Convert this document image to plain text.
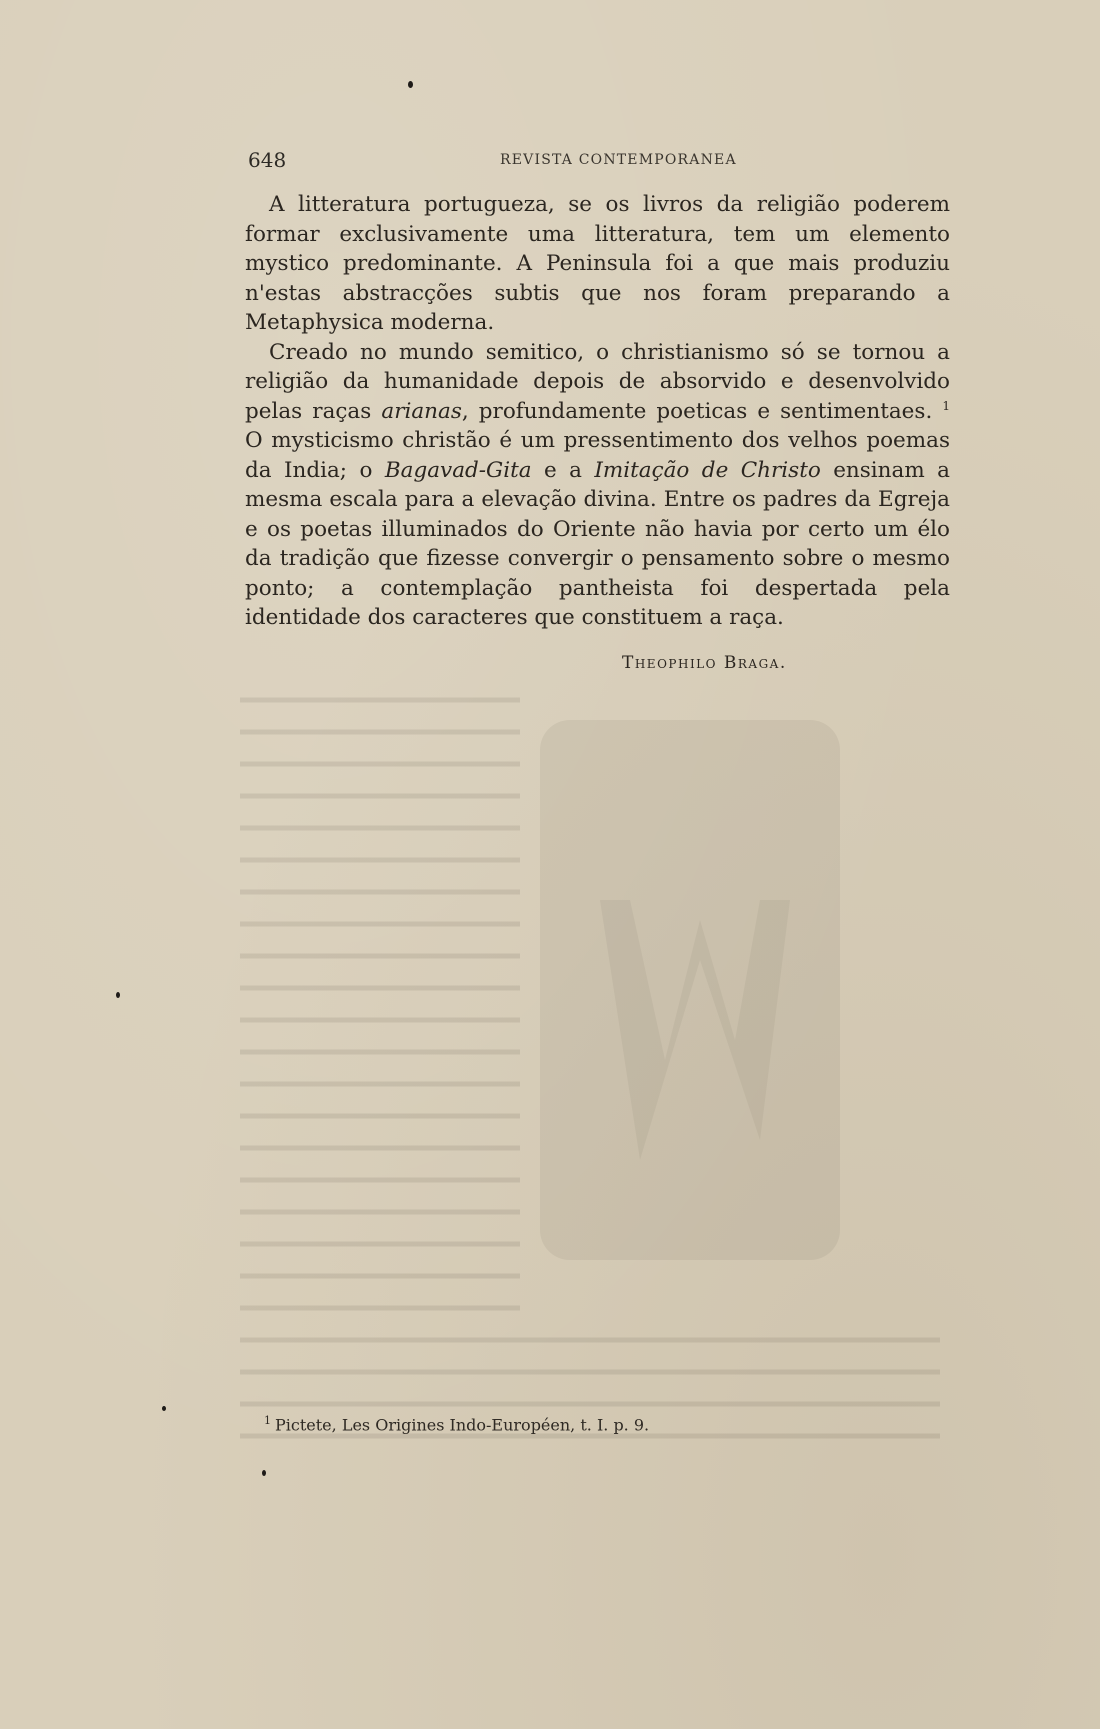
648	REVISTA CONTEMPORANEA

A litteratura portugueza, se os livros da religião poderem formar exclusivamente uma litteratura, tem um elemento mystico predominante. A Peninsula foi a que mais produziu n'estas abstracções subtis que nos foram preparando a Metaphysica moderna.

Creado no mundo semitico, o christianismo só se tornou a religião da humanidade depois de absorvido e desenvolvido pelas raças arianas, profundamente poeticas e sentimentaes. $^1$ O mysticismo christão é um pressentimento dos velhos poemas da India; o Bagavad-Gita e a Imitação de Christo ensinam a mesma escala para a elevação divina. Entre os padres da Egreja e os poetas illuminados do Oriente não havia por certo um élo da tradição que fizesse convergir o pensamento sobre o mesmo ponto; a contemplação pantheista foi despertada pela identidade dos caracteres que constituem a raça.

Theophilo Braga.
$^1$ Pictete, Les Origines Indo-Européen, t. I. p. 9.
